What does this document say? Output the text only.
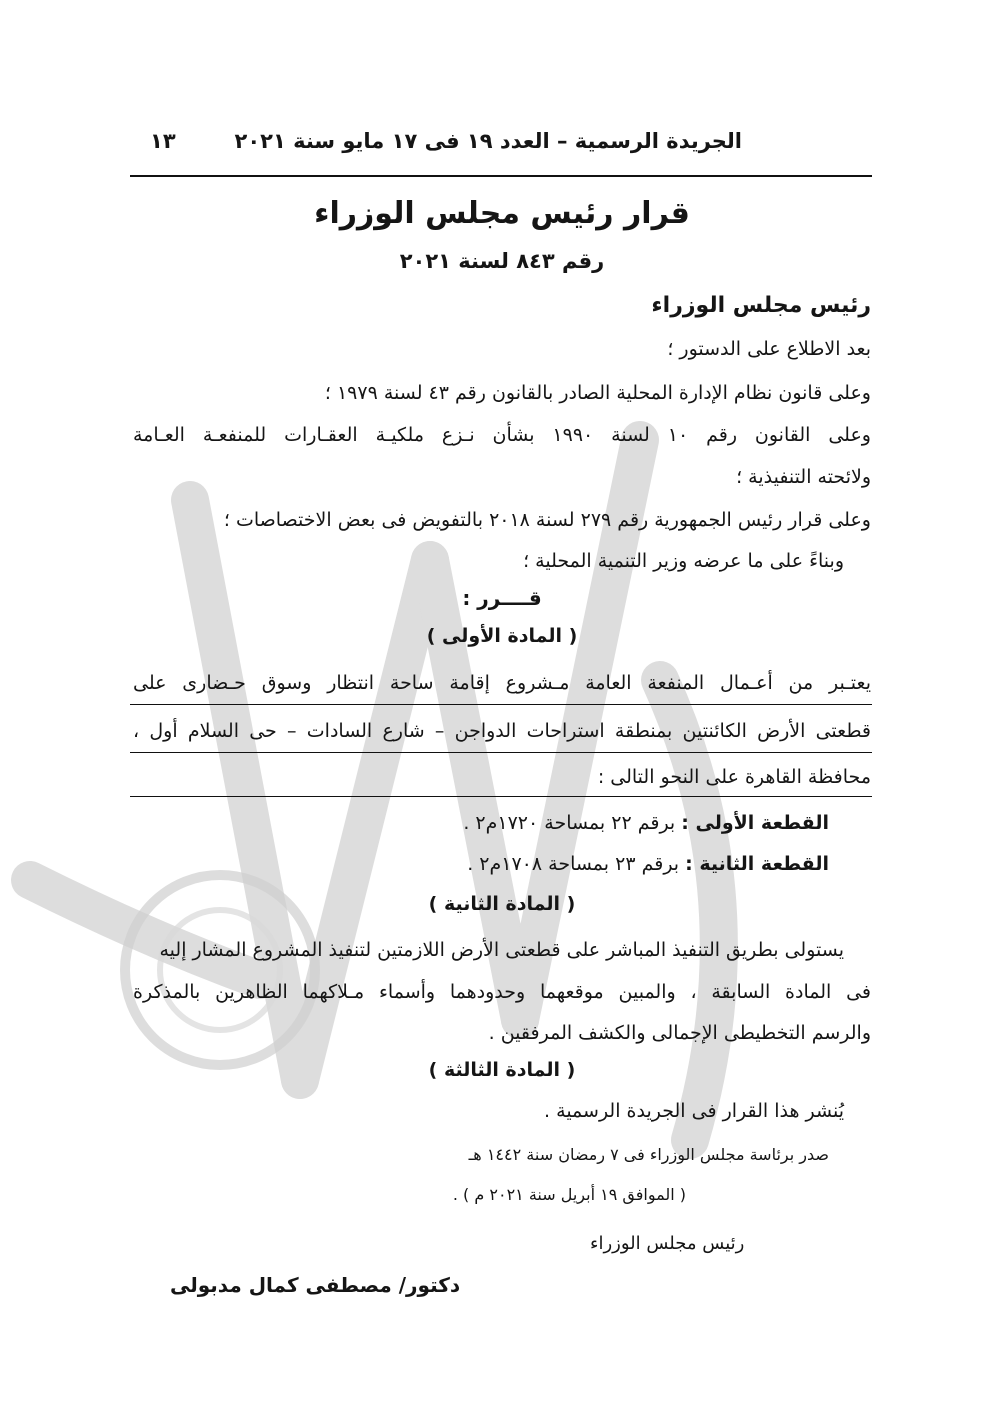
الجريدة الرسمية – العدد ١٩ فى ١٧ مايو سنة ٢٠٢١
١٣
قرار رئيس مجلس الوزراء
رقم ٨٤٣ لسنة ٢٠٢١
رئيس مجلس الوزراء
بعد الاطلاع على الدستور ؛
وعلى قانون نظام الإدارة المحلية الصادر بالقانون رقم ٤٣ لسنة ١٩٧٩ ؛
وعلى القانون رقم ١٠ لسنة ١٩٩٠ بشأن نـزع ملكيـة العقـارات للمنفعـة العـامة
ولائحته التنفيذية ؛
وعلى قرار رئيس الجمهورية رقم ٢٧٩ لسنة ٢٠١٨ بالتفويض فى بعض الاختصاصات ؛
وبناءً على ما عرضه وزير التنمية المحلية ؛
قــــرر :
( المادة الأولى )
يعتـبر من أعـمال المنفعة العامة مـشروع إقامة ساحة انتظار وسوق حـضارى على
قطعتى الأرض الكائنتين بمنطقة استراحات الدواجن – شارع السادات – حى السلام أول ،
محافظة القاهرة على النحو التالى :
القطعة الأولى : برقم ٢٢ بمساحة ١٧٢٠م٢ .
القطعة الثانية : برقم ٢٣ بمساحة ١٧٠٨م٢ .
( المادة الثانية )
يستولى بطريق التنفيذ المباشر على قطعتى الأرض اللازمتين لتنفيذ المشروع المشار إليه
فى المادة السابقة ، والمبين موقعهما وحدودهما وأسماء مـلاكهما الظاهرين بالمذكرة
والرسم التخطيطى الإجمالى والكشف المرفقين .
( المادة الثالثة )
يُنشر هذا القرار فى الجريدة الرسمية .
صدر برئاسة مجلس الوزراء فى ٧ رمضان سنة ١٤٤٢ هـ
( الموافق ١٩ أبريل سنة ٢٠٢١ م ) .
رئيس مجلس الوزراء
دكتور/ مصطفى كمال مدبولى
